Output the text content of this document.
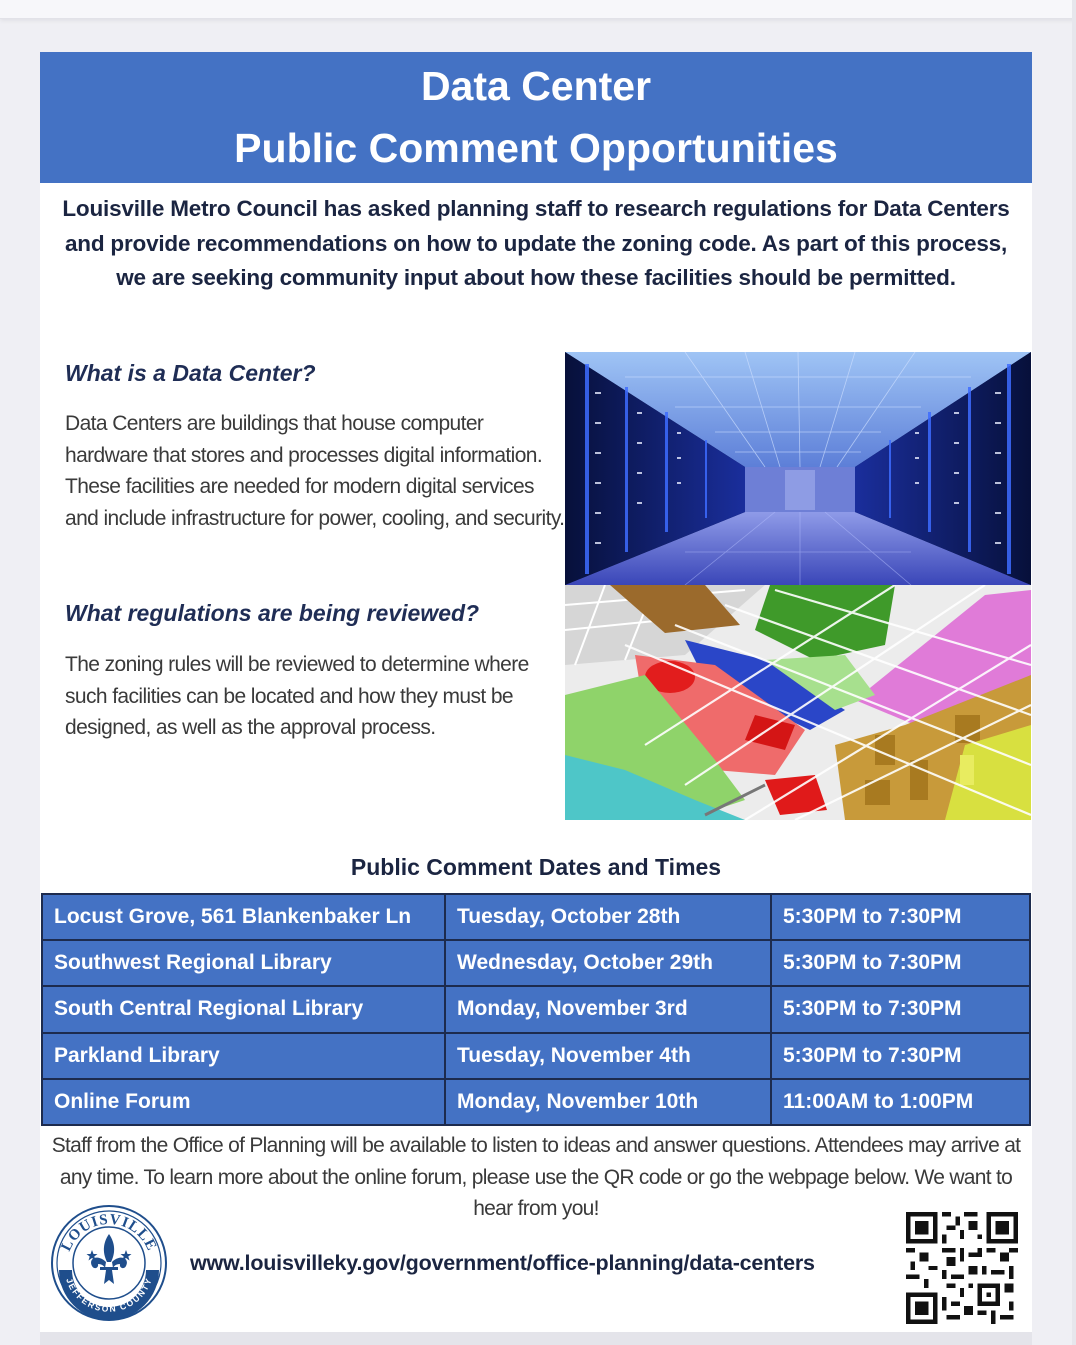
Data Center
Public Comment Opportunities
Louisville Metro Council has asked planning staff to research regulations for Data Centers and provide recommendations on how to update the zoning code. As part of this process, we are seeking community input about how these facilities should be permitted.
What is a Data Center?
Data Centers are buildings that house computer hardware that stores and processes digital information. These facilities are needed for modern digital services and include infrastructure for power, cooling, and security.
What regulations are being reviewed?
The zoning rules will be reviewed to determine where such facilities can be located and how they must be designed, as well as the approval process.
Public Comment Dates and Times
Locust Grove, 561 Blankenbaker Ln	Tuesday, October 28th	5:30PM to 7:30PM
Southwest Regional Library	Wednesday, October 29th	5:30PM to 7:30PM
South Central Regional Library	Monday, November 3rd	5:30PM to 7:30PM
Parkland Library	Tuesday, November 4th	5:30PM to 7:30PM
Online Forum	Monday, November 10th	11:00AM to 1:00PM
Staff from the Office of Planning will be available to listen to ideas and answer questions. Attendees may arrive at any time. To learn more about the online forum, please use the QR code or go the webpage below. We want to hear from you!
LOUISVILLE
JEFFERSON COUNTY
www.louisvilleky.gov/government/office-planning/data-centers
